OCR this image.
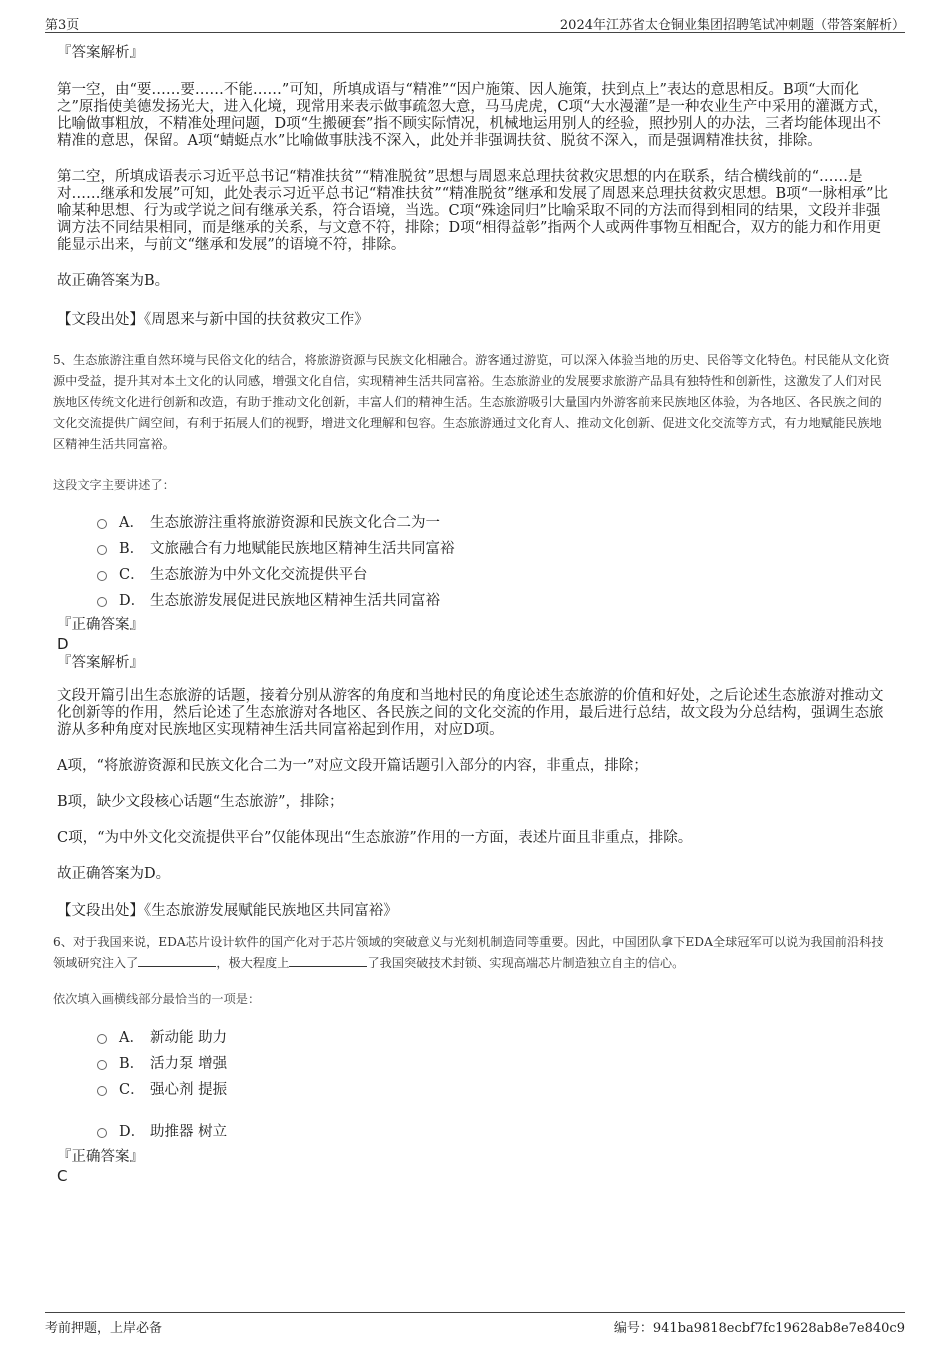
第3页	2024年江苏省太仓铜业集团招聘笔试冲刺题（带答案解析）

『答案解析』

第一空，由“要……要……不能……”可知，所填成语与“精准”“因户施策、因人施策，扶到点上”表达的意思相反。B项“大而化之”原指使美德发扬光大，进入化境，现常用来表示做事疏忽大意，马马虎虎，C项“大水漫灌”是一种农业生产中采用的灌溉方式，比喻做事粗放，不精准处理问题，D项“生搬硬套”指不顾实际情况，机械地运用别人的经验，照抄别人的办法，三者均能体现出不精准的意思，保留。A项“蜻蜓点水”比喻做事肤浅不深入，此处并非强调扶贫、脱贫不深入，而是强调精准扶贫，排除。

第二空，所填成语表示习近平总书记“精准扶贫”“精准脱贫”思想与周恩来总理扶贫救灾思想的内在联系，结合横线前的“……是对……继承和发展”可知，此处表示习近平总书记“精准扶贫”“精准脱贫”继承和发展了周恩来总理扶贫救灾思想。B项“一脉相承”比喻某种思想、行为或学说之间有继承关系，符合语境，当选。C项“殊途同归”比喻采取不同的方法而得到相同的结果，文段并非强调方法不同结果相同，而是继承的关系，与文意不符，排除；D项“相得益彰”指两个人或两件事物互相配合，双方的能力和作用更能显示出来，与前文“继承和发展”的语境不符，排除。

故正确答案为B。

【文段出处】《周恩来与新中国的扶贫救灾工作》

5、生态旅游注重自然环境与民俗文化的结合，将旅游资源与民族文化相融合。游客通过游览，可以深入体验当地的历史、民俗等文化特色。村民能从文化资源中受益，提升其对本土文化的认同感，增强文化自信，实现精神生活共同富裕。生态旅游业的发展要求旅游产品具有独特性和创新性，这激发了人们对民族地区传统文化进行创新和改造，有助于推动文化创新，丰富人们的精神生活。生态旅游吸引大量国内外游客前来民族地区体验，为各地区、各民族之间的文化交流提供广阔空间，有利于拓展人们的视野，增进文化理解和包容。生态旅游通过文化育人、推动文化创新、促进文化交流等方式，有力地赋能民族地区精神生活共同富裕。

这段文字主要讲述了：

A． 生态旅游注重将旅游资源和民族文化合二为一
B． 文旅融合有力地赋能民族地区精神生活共同富裕
C． 生态旅游为中外文化交流提供平台
D． 生态旅游发展促进民族地区精神生活共同富裕

『正确答案』

D

『答案解析』

文段开篇引出生态旅游的话题，接着分别从游客的角度和当地村民的角度论述生态旅游的价值和好处，之后论述生态旅游对推动文化创新等的作用，然后论述了生态旅游对各地区、各民族之间的文化交流的作用，最后进行总结，故文段为分总结构，强调生态旅游从多种角度对民族地区实现精神生活共同富裕起到作用，对应D项。

A项，“将旅游资源和民族文化合二为一”对应文段开篇话题引入部分的内容，非重点，排除；

B项，缺少文段核心话题“生态旅游”，排除；

C项，“为中外文化交流提供平台”仅能体现出“生态旅游”作用的一方面，表述片面且非重点，排除。

故正确答案为D。

【文段出处】《生态旅游发展赋能民族地区共同富裕》

6、对于我国来说，EDA芯片设计软件的国产化对于芯片领域的突破意义与光刻机制造同等重要。因此，中国团队拿下EDA全球冠军可以说为我国前沿科技领域研究注入了	，极大程度上	了我国突破技术封锁、实现高端芯片制造独立自主的信心。

依次填入画横线部分最恰当的一项是：

A． 新动能 助力
B． 活力泵 增强
C． 强心剂 提振
D． 助推器 树立

『正确答案』

C

考前押题，上岸必备	编号：941ba9818ecbf7fc19628ab8e7e840c9
